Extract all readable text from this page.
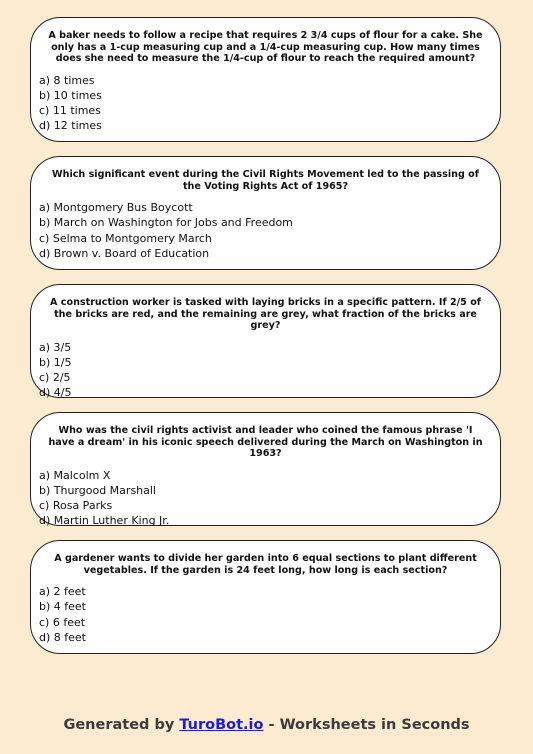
A baker needs to follow a recipe that requires 2 3/4 cups of flour for a cake. She only has a 1-cup measuring cup and a 1/4-cup measuring cup. How many times does she need to measure the 1/4-cup of flour to reach the required amount?
a) 8 times
b) 10 times
c) 11 times
d) 12 times
Which significant event during the Civil Rights Movement led to the passing of the Voting Rights Act of 1965?
a) Montgomery Bus Boycott
b) March on Washington for Jobs and Freedom
c) Selma to Montgomery March
d) Brown v. Board of Education
A construction worker is tasked with laying bricks in a specific pattern. If 2/5 of the bricks are red, and the remaining are grey, what fraction of the bricks are grey?
a) 3/5
b) 1/5
c) 2/5
d) 4/5
Who was the civil rights activist and leader who coined the famous phrase 'I have a dream' in his iconic speech delivered during the March on Washington in 1963?
a) Malcolm X
b) Thurgood Marshall
c) Rosa Parks
d) Martin Luther King Jr.
A gardener wants to divide her garden into 6 equal sections to plant different vegetables. If the garden is 24 feet long, how long is each section?
a) 2 feet
b) 4 feet
c) 6 feet
d) 8 feet
Generated by TuroBot.io - Worksheets in Seconds
